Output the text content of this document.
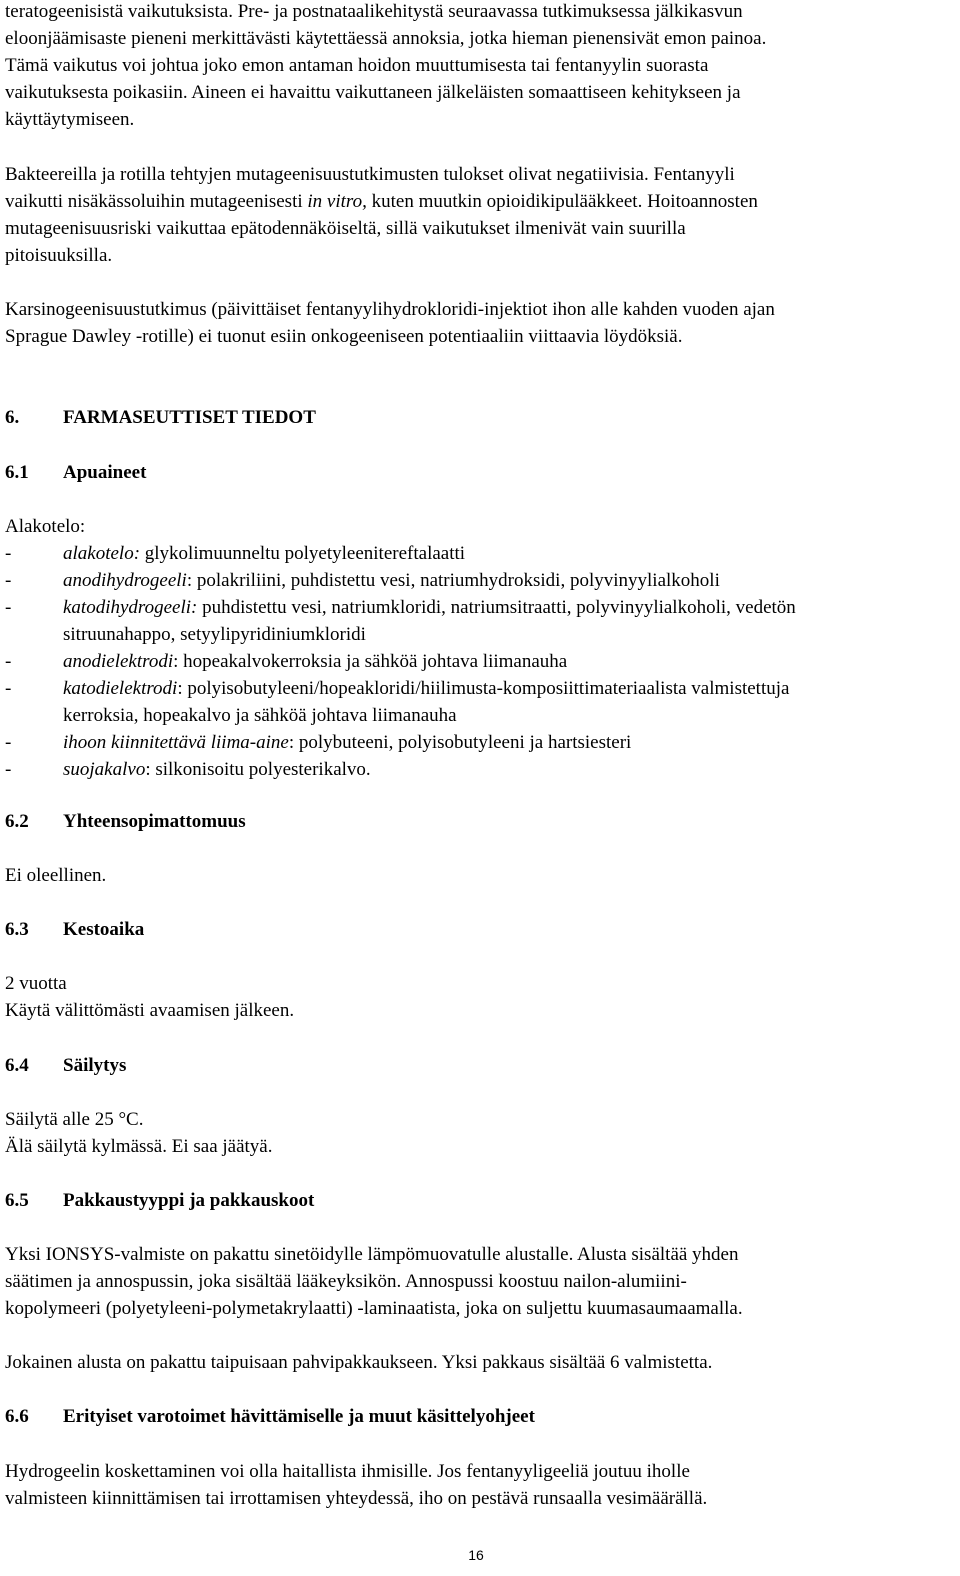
teratogeenisistä vaikutuksista. Pre- ja postnataalikehitystä seuraavassa tutkimuksessa jälkikasvun
eloonjäämisaste pieneni merkittävästi käytettäessä annoksia, jotka hieman pienensivät emon painoa.
Tämä vaikutus voi johtua joko emon antaman hoidon muuttumisesta tai fentanyylin suorasta
vaikutuksesta poikasiin. Aineen ei havaittu vaikuttaneen jälkeläisten somaattiseen kehitykseen ja
käyttäytymiseen.
Bakteereilla ja rotilla tehtyjen mutageenisuustutkimusten tulokset olivat negatiivisia. Fentanyyli
vaikutti nisäkässoluihin mutageenisesti in vitro, kuten muutkin opioidikipulääkkeet. Hoitoannosten
mutageenisuusriski vaikuttaa epätodennäköiseltä, sillä vaikutukset ilmenivät vain suurilla
pitoisuuksilla.
Karsinogeenisuustutkimus (päivittäiset fentanyylihydrokloridi-injektiot ihon alle kahden vuoden ajan
Sprague Dawley -rotille) ei tuonut esiin onkogeeniseen potentiaaliin viittaavia löydöksiä.
6. FARMASEUTTISET TIEDOT
6.1 Apuaineet
Alakotelo:
-	alakotelo: glykolimuunneltu polyetyleenitereftalaatti
-	anodihydrogeeli: polakriliini, puhdistettu vesi, natriumhydroksidi, polyvinyylialkoholi
-	katodihydrogeeli: puhdistettu vesi, natriumkloridi, natriumsitraatti, polyvinyylialkoholi, vedetön
sitruunahappo, setyylipyridiniumkloridi
-	anodielektrodi: hopeakalvokerroksia ja sähköä johtava liimanauha
-	katodielektrodi: polyisobutyleeni/hopeakloridi/hiilimusta-komposiittimateriaalista valmistettuja
kerroksia, hopeakalvo ja sähköä johtava liimanauha
-	ihoon kiinnitettävä liima-aine: polybuteeni, polyisobutyleeni ja hartsiesteri
-	suojakalvo: silkonisoitu polyesterikalvo.
6.2 Yhteensopimattomuus
Ei oleellinen.
6.3 Kestoaika
2 vuotta
Käytä välittömästi avaamisen jälkeen.
6.4 Säilytys
Säilytä alle 25 °C.
Älä säilytä kylmässä. Ei saa jäätyä.
6.5 Pakkaustyyppi ja pakkauskoot
Yksi IONSYS-valmiste on pakattu sinetöidylle lämpömuovatulle alustalle. Alusta sisältää yhden
säätimen ja annospussin, joka sisältää lääkeyksikön. Annospussi koostuu nailon-alumiini-
kopolymeeri (polyetyleeni-polymetakrylaatti) -laminaatista, joka on suljettu kuumasaumaamalla.
Jokainen alusta on pakattu taipuisaan pahvipakkaukseen. Yksi pakkaus sisältää 6 valmistetta.
6.6 Erityiset varotoimet hävittämiselle ja muut käsittelyohjeet
Hydrogeelin koskettaminen voi olla haitallista ihmisille. Jos fentanyyligeeliä joutuu iholle
valmisteen kiinnittämisen tai irrottamisen yhteydessä, iho on pestävä runsaalla vesimäärällä.
16
